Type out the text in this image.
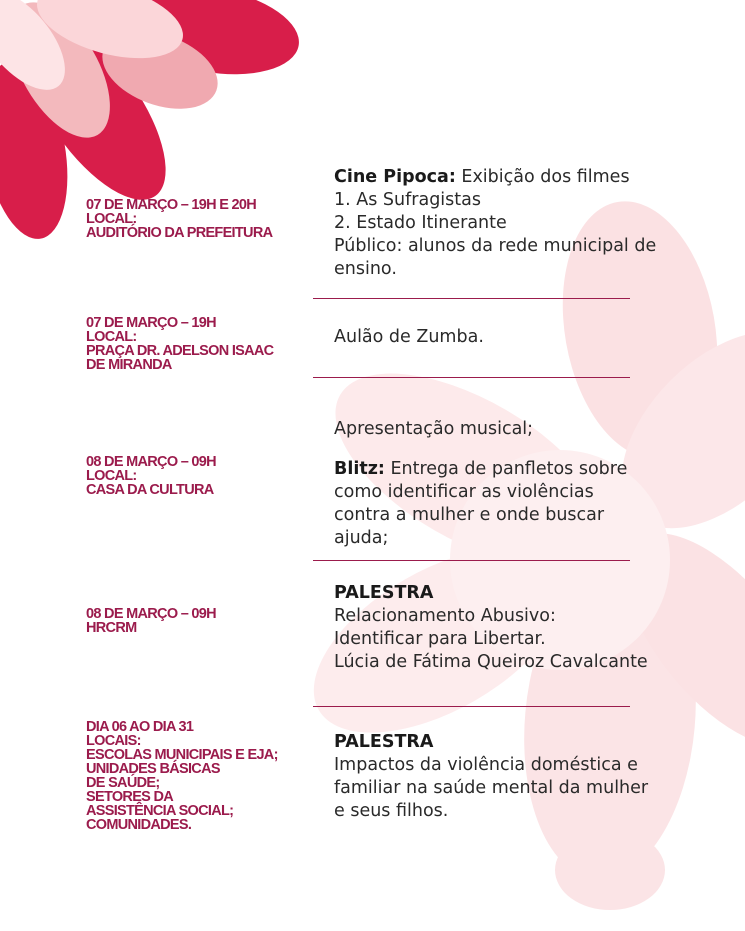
07 DE MARÇO – 19H E 20H
LOCAL:
AUDITÓRIO DA PREFEITURA
Cine Pipoca: Exibição dos filmes
1. As Sufragistas
2. Estado Itinerante
Público: alunos da rede municipal de
ensino.
07 DE MARÇO – 19H
LOCAL:
PRAÇA DR. ADELSON ISAAC
DE MIRANDA
Aulão de Zumba.
08 DE MARÇO – 09H
LOCAL:
CASA DA CULTURA
Apresentação musical;
Blitz: Entrega de panfletos sobre
como identificar as violências
contra a mulher e onde buscar
ajuda;
08 DE MARÇO – 09H
HRCRM
PALESTRA
Relacionamento Abusivo:
Identificar para Libertar.
Lúcia de Fátima Queiroz Cavalcante
DIA 06 AO DIA 31
LOCAIS:
ESCOLAS MUNICIPAIS E EJA;
UNIDADES BÁSICAS
DE SAÚDE;
SETORES DA
ASSISTÊNCIA SOCIAL;
COMUNIDADES.
PALESTRA
Impactos da violência doméstica e
familiar na saúde mental da mulher
e seus filhos.
